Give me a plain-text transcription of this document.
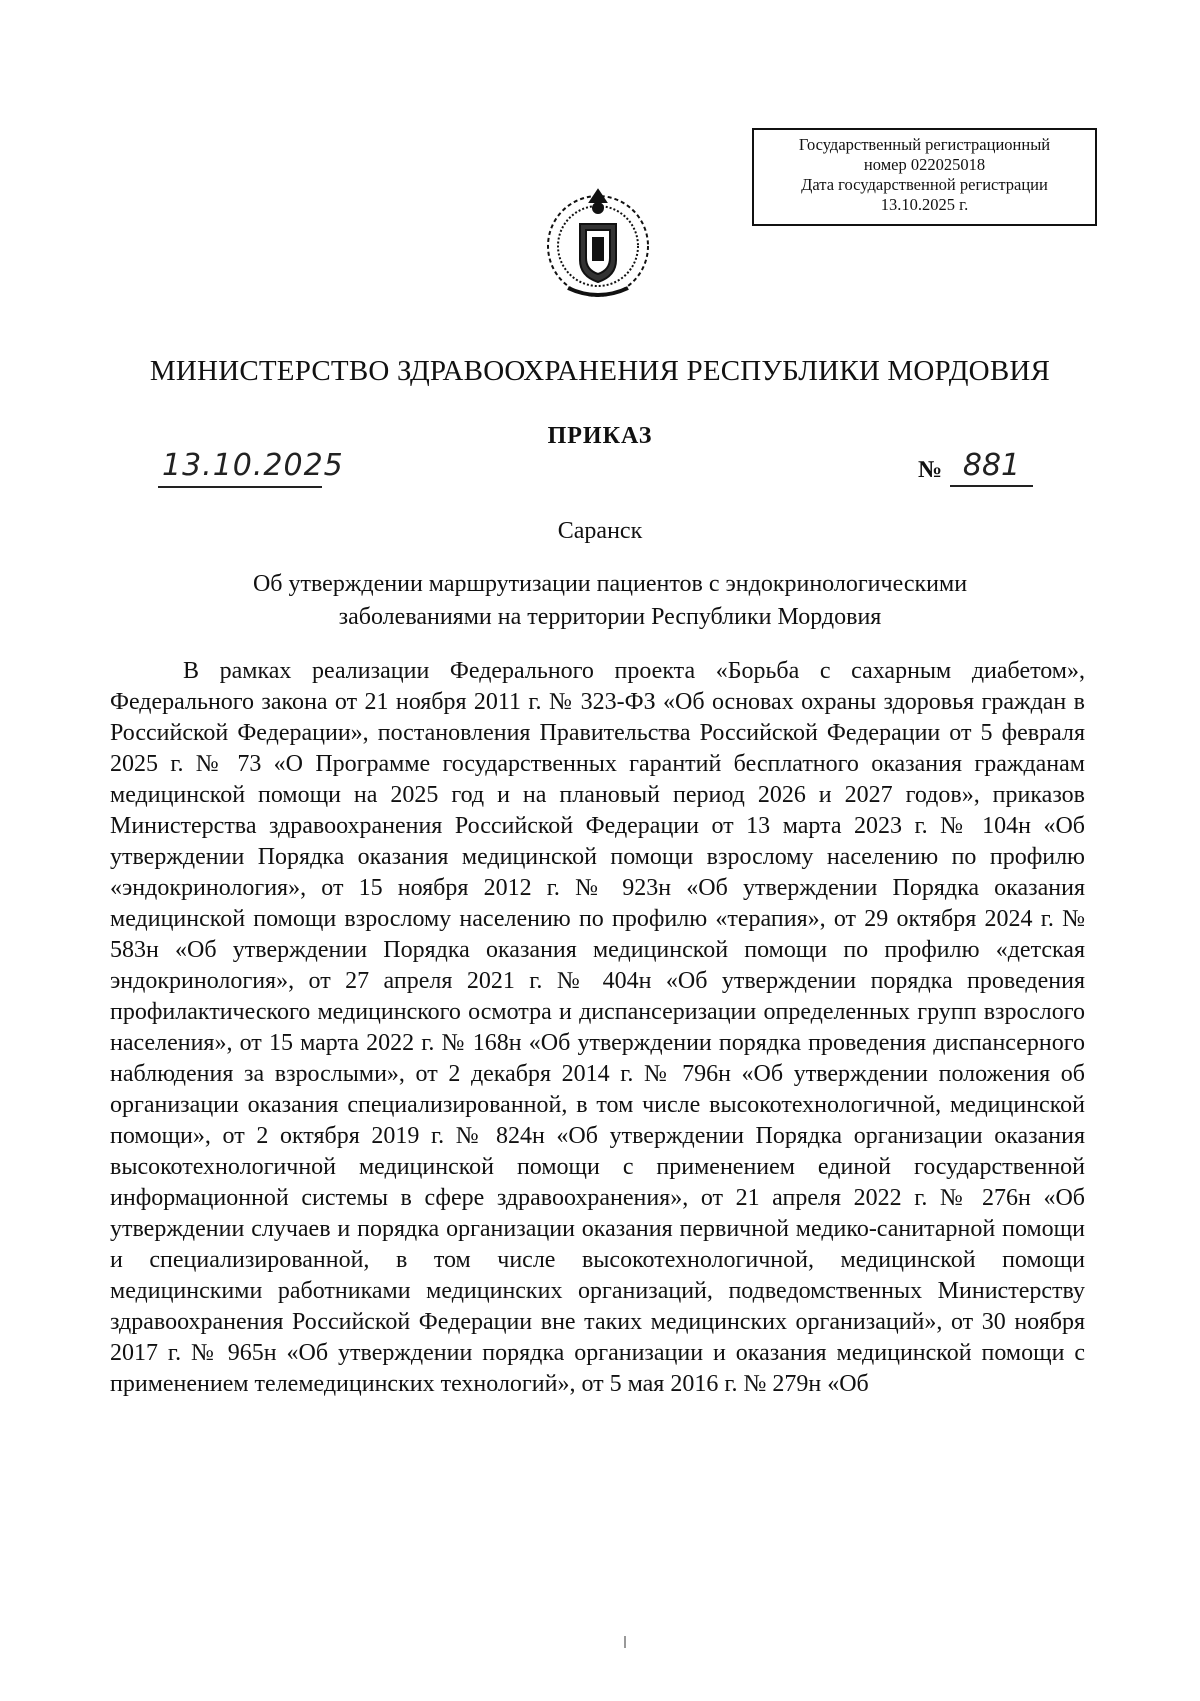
Государственный регистрационный
номер 022025018
Дата государственной регистрации
13.10.2025 г.
МИНИСТЕРСТВО ЗДРАВООХРАНЕНИЯ РЕСПУБЛИКИ МОРДОВИЯ
ПРИКАЗ
13.10.2025	№ 881
Саранск
Об утверждении маршрутизации пациентов с эндокринологическими
заболеваниями на территории Республики Мордовия

В рамках реализации Федерального проекта «Борьба с сахарным диабетом», Федерального закона от 21 ноября 2011 г. № 323-ФЗ «Об основах охраны здоровья граждан в Российской Федерации», постановления Правительства Российской Федерации от 5 февраля 2025 г. № 73 «О Программе государственных гарантий бесплатного оказания гражданам медицинской помощи на 2025 год и на плановый период 2026 и 2027 годов», приказов Министерства здравоохранения Российской Федерации от 13 марта 2023 г. № 104н «Об утверждении Порядка оказания медицинской помощи взрослому населению по профилю «эндокринология», от 15 ноября 2012 г. № 923н «Об утверждении Порядка оказания медицинской помощи взрослому населению по профилю «терапия», от 29 октября 2024 г. № 583н «Об утверждении Порядка оказания медицинской помощи по профилю «детская эндокринология», от 27 апреля 2021 г. № 404н «Об утверждении порядка проведения профилактического медицинского осмотра и диспансеризации определенных групп взрослого населения», от 15 марта 2022 г. № 168н «Об утверждении порядка проведения диспансерного наблюдения за взрослыми», от 2 декабря 2014 г. № 796н «Об утверждении положения об организации оказания специализированной, в том числе высокотехнологичной, медицинской помощи», от 2 октября 2019 г. № 824н «Об утверждении Порядка организации оказания высокотехнологичной медицинской помощи с применением единой государственной информационной системы в сфере здравоохранения», от 21 апреля 2022 г. № 276н «Об утверждении случаев и порядка организации оказания первичной медико-санитарной помощи и специализированной, в том числе высокотехнологичной, медицинской помощи медицинскими работниками медицинских организаций, подведомственных Министерству здравоохранения Российской Федерации вне таких медицинских организаций», от 30 ноября 2017 г. № 965н «Об утверждении порядка организации и оказания медицинской помощи с применением телемедицинских технологий», от 5 мая 2016 г. № 279н «Об
